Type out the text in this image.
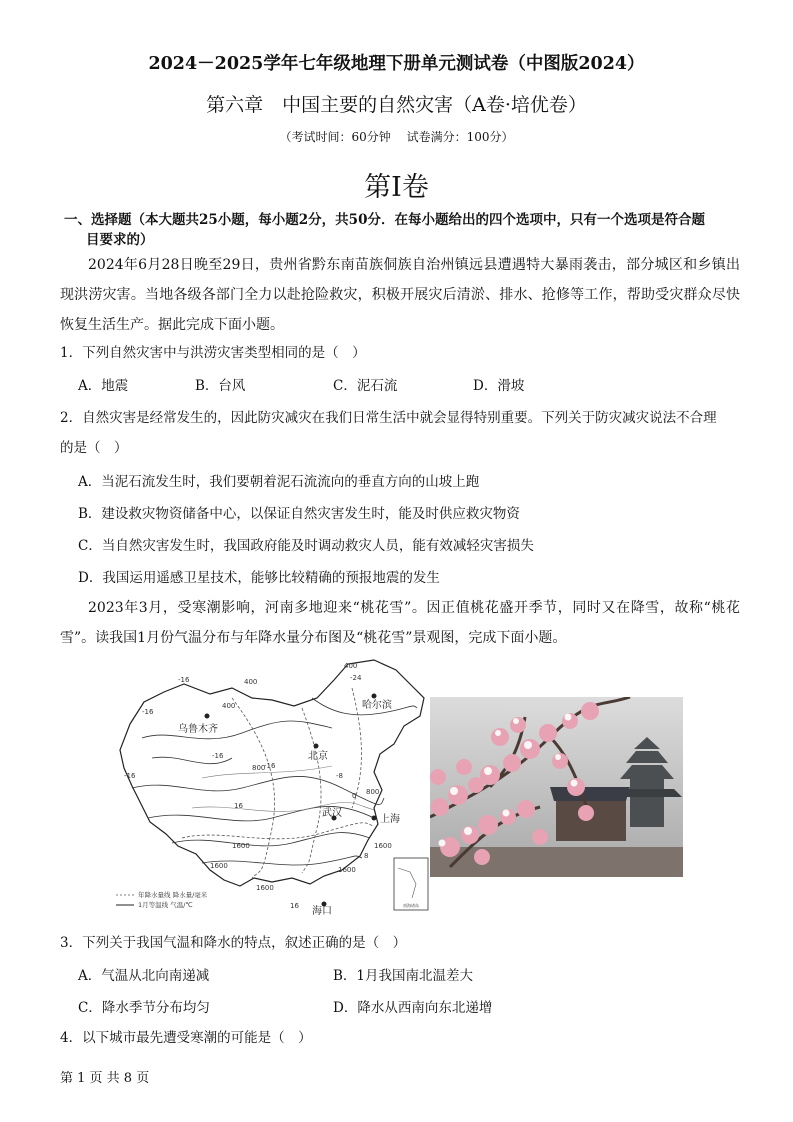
2024－2025学年七年级地理下册单元测试卷（中图版2024）
第六章　中国主要的自然灾害（A卷·培优卷）
（考试时间：60分钟　 试卷满分：100分）
第I卷
一、选择题（本大题共25小题，每小题2分，共50分．在每小题给出的四个选项中，只有一个选项是符合题
目要求的）
2024年6月28日晚至29日，贵州省黔东南苗族侗族自治州镇远县遭遇特大暴雨袭击，部分城区和乡镇出现洪涝灾害。当地各级各部门全力以赴抢险救灾，积极开展灾后清淤、排水、抢修等工作，帮助受灾群众尽快恢复生活生产。据此完成下面小题。
1．下列自然灾害中与洪涝灾害类型相同的是（　）
A．地震	B．台风	C．泥石流	D．滑坡
2．自然灾害是经常发生的，因此防灾减灾在我们日常生活中就会显得特别重要。下列关于防灾减灾说法不合理
的是（　）
A．当泥石流发生时，我们要朝着泥石流流向的垂直方向的山坡上跑
B．建设救灾物资储备中心，以保证自然灾害发生时，能及时供应救灾物资
C．当自然灾害发生时，我国政府能及时调动救灾人员，能有效减轻灾害损失
D．我国运用遥感卫星技术，能够比较精确的预报地震的发生
2023年3月，受寒潮影响，河南多地迎来“桃花雪”。因正值桃花盛开季节，同时又在降雪，故称“桃花雪”。读我国1月份气温分布与年降水量分布图及“桃花雪”景观图，完成下面小题。
南海诸岛
乌鲁木齐
哈尔滨
北京
武汉
上海
海口
-16
-16
-16
-16
-24
-16
-8
0
8
16
16
400
400
800
800
1600
1600
1600
1600
400
1600
年降水量线 降水量/毫米
1月等温线 气温/℃
3．下列关于我国气温和降水的特点，叙述正确的是（　）
A．气温从北向南递减	B．1月我国南北温差大
C．降水季节分布均匀	D．降水从西南向东北递增
4．以下城市最先遭受寒潮的可能是（　）
第 1 页 共 8 页
